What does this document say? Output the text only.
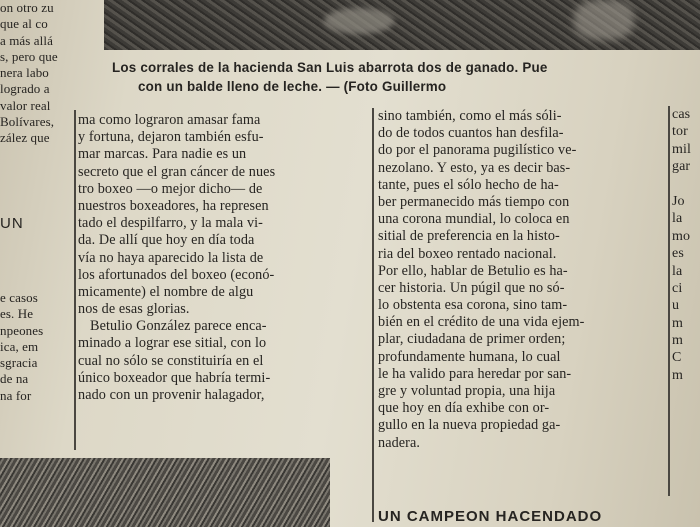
Los corrales de la hacienda San Luis abarrota dos de ganado. Pue
con un balde lleno de leche. — (Foto Guillermo
on otro zu
que al co
a más allá
s, pero que
nera labo
logrado a
valor real
Bolívares,
zález que
UN
e casos
es. He
npeones
ica, em
sgracia
de na
na for
ma como lograron amasar fama
y fortuna, dejaron también esfu-
mar marcas. Para nadie es un
secreto que el gran cáncer de nues
tro boxeo —o mejor dicho— de
nuestros boxeadores, ha represen
tado el despilfarro, y la mala vi-
da. De allí que hoy en día toda
vía no haya aparecido la lista de
los afortunados del boxeo (econó-
micamente) el nombre de algu
nos de esas glorias.
Betulio González parece enca-
minado a lograr ese sitial, con lo
cual no sólo se constituiría en el
único boxeador que habría termi-
nado con un provenir halagador,
sino también, como el más sóli-
do de todos cuantos han desfila-
do por el panorama pugilístico ve-
nezolano. Y esto, ya es decir bas-
tante, pues el sólo hecho de ha-
ber permanecido más tiempo con
una corona mundial, lo coloca en
sitial de preferencia en la histo-
ria del boxeo rentado nacional.
Por ello, hablar de Betulio es ha-
cer historia. Un púgil que no só-
lo obstenta esa corona, sino tam-
bién en el crédito de una vida ejem-
plar, ciudadana de primer orden;
profundamente humana, lo cual
le ha valido para heredar por san-
gre y voluntad propia, una hija
que hoy en día exhibe con or-
gullo en la nueva propiedad ga-
nadera.
cas
tor
mil
gar
Jo
la
mo
es
la
ci
u
m
m
C
m
UN CAMPEON HACENDADO
